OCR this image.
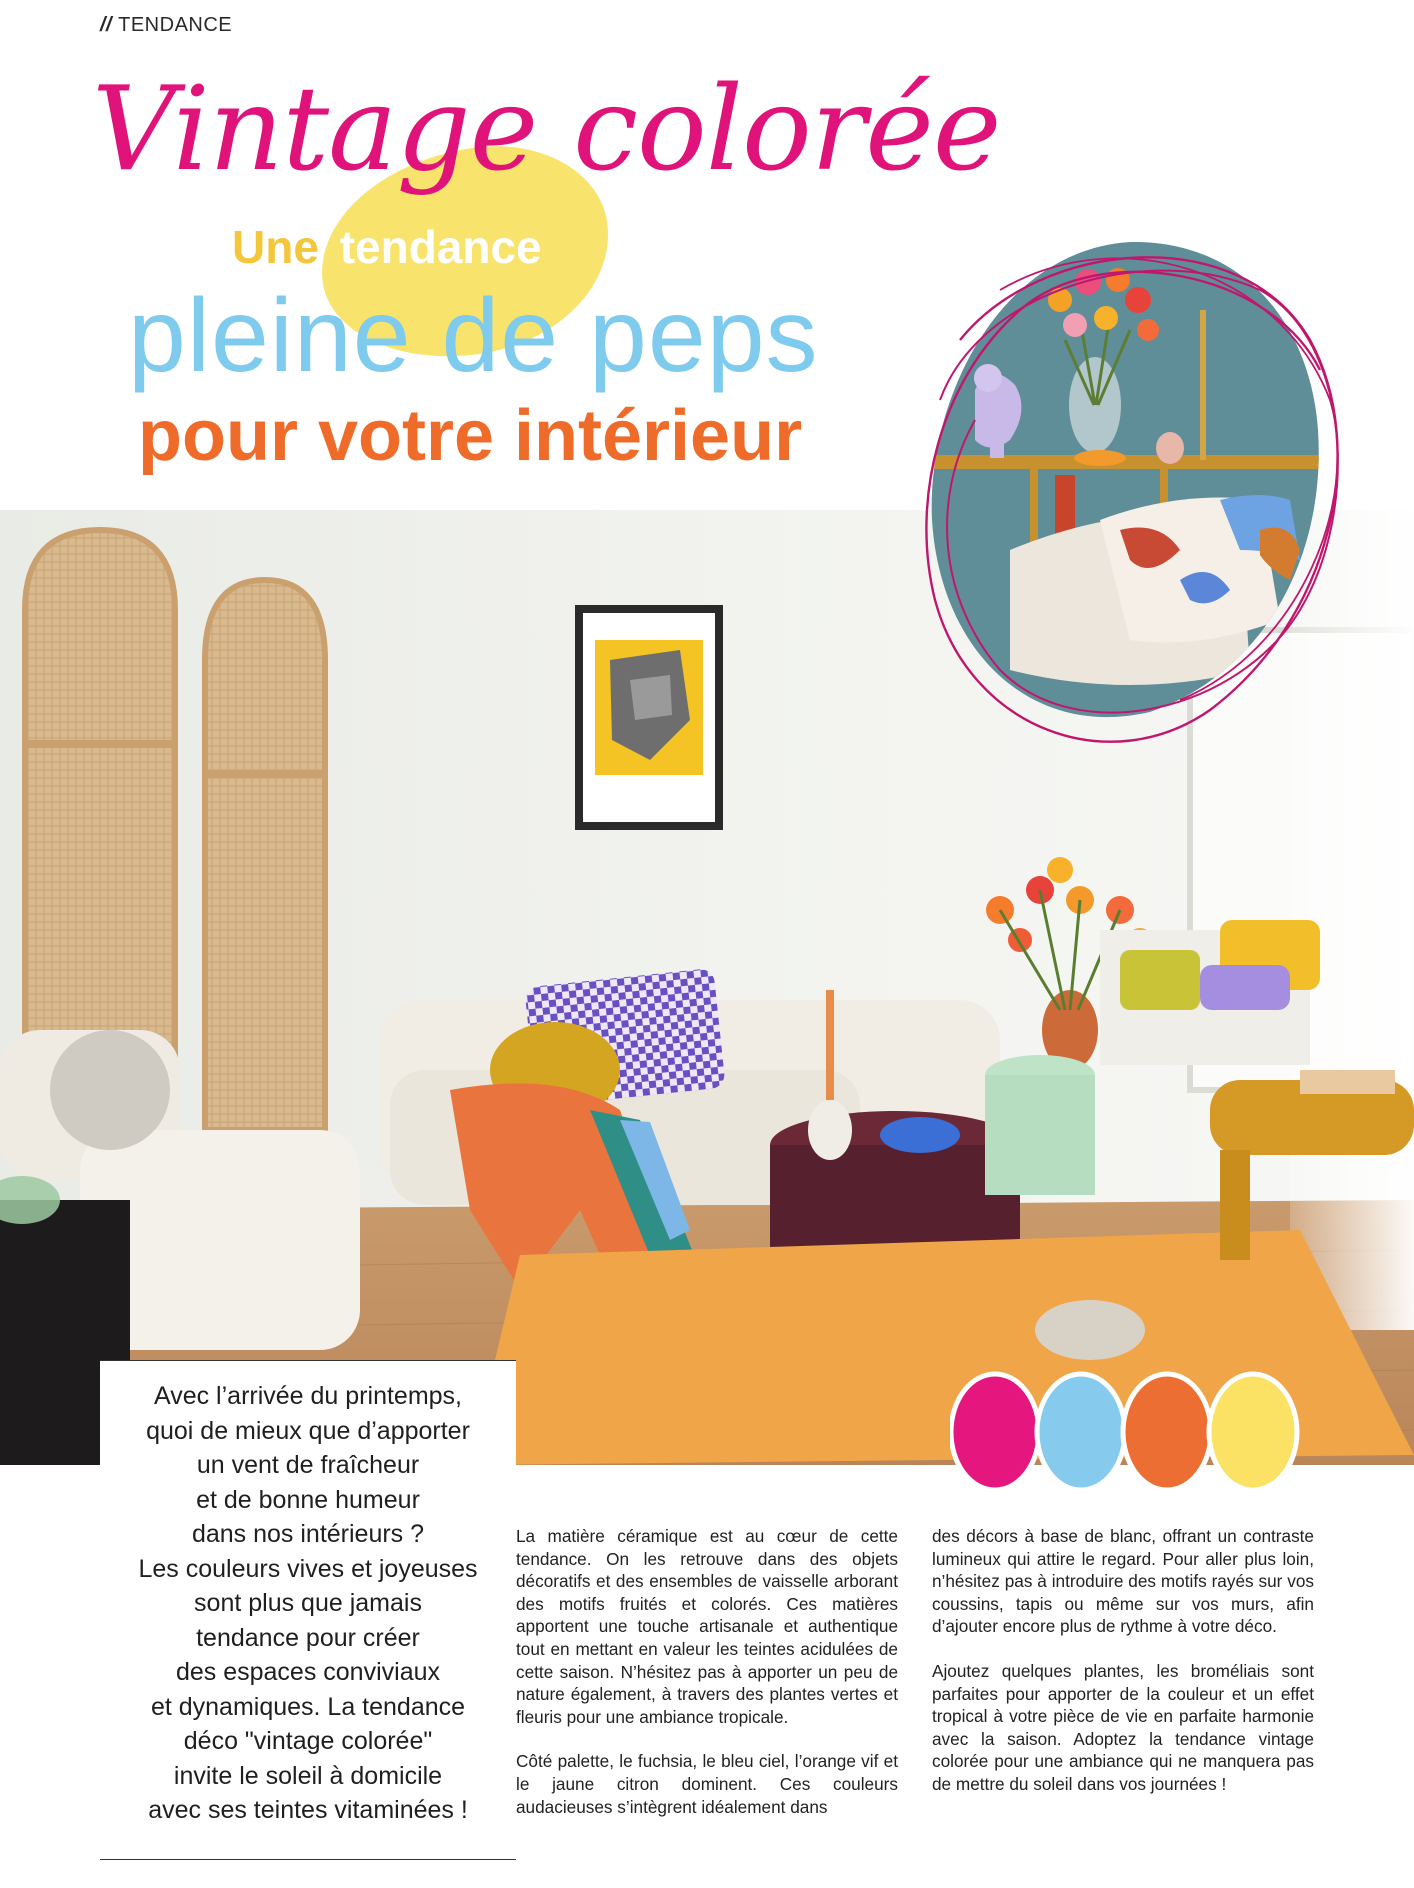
// TENDANCE
Vintage colorée
Une tendance
pleine de peps
pour votre intérieur

Avec l’arrivée du printemps,
quoi de mieux que d’apporter
un vent de fraîcheur
et de bonne humeur
dans nos intérieurs ?
Les couleurs vives et joyeuses
sont plus que jamais
tendance pour créer
des espaces conviviaux
et dynamiques. La tendance
déco "vintage colorée"
invite le soleil à domicile
avec ses teintes vitaminées !

La matière céramique est au cœur de cette tendance. On les retrouve dans des objets décoratifs et des ensembles de vaisselle arborant des motifs fruités et colorés. Ces matières apportent une touche artisanale et authentique tout en mettant en valeur les teintes acidulées de cette saison. N’hésitez pas à apporter un peu de nature également, à travers des plantes vertes et fleuris pour une ambiance tropicale.

Côté palette, le fuchsia, le bleu ciel, l’orange vif et le jaune citron dominent. Ces couleurs audacieuses s’intègrent idéalement dans

des décors à base de blanc, offrant un contraste lumineux qui attire le regard. Pour aller plus loin, n’hésitez pas à introduire des motifs rayés sur vos coussins, tapis ou même sur vos murs, afin d’ajouter encore plus de rythme à votre déco.

Ajoutez quelques plantes, les broméliais sont parfaites pour apporter de la couleur et un effet tropical à votre pièce de vie en parfaite harmonie avec la saison. Adoptez la tendance vintage colorée pour une ambiance qui ne manquera pas de mettre du soleil dans vos journées !
